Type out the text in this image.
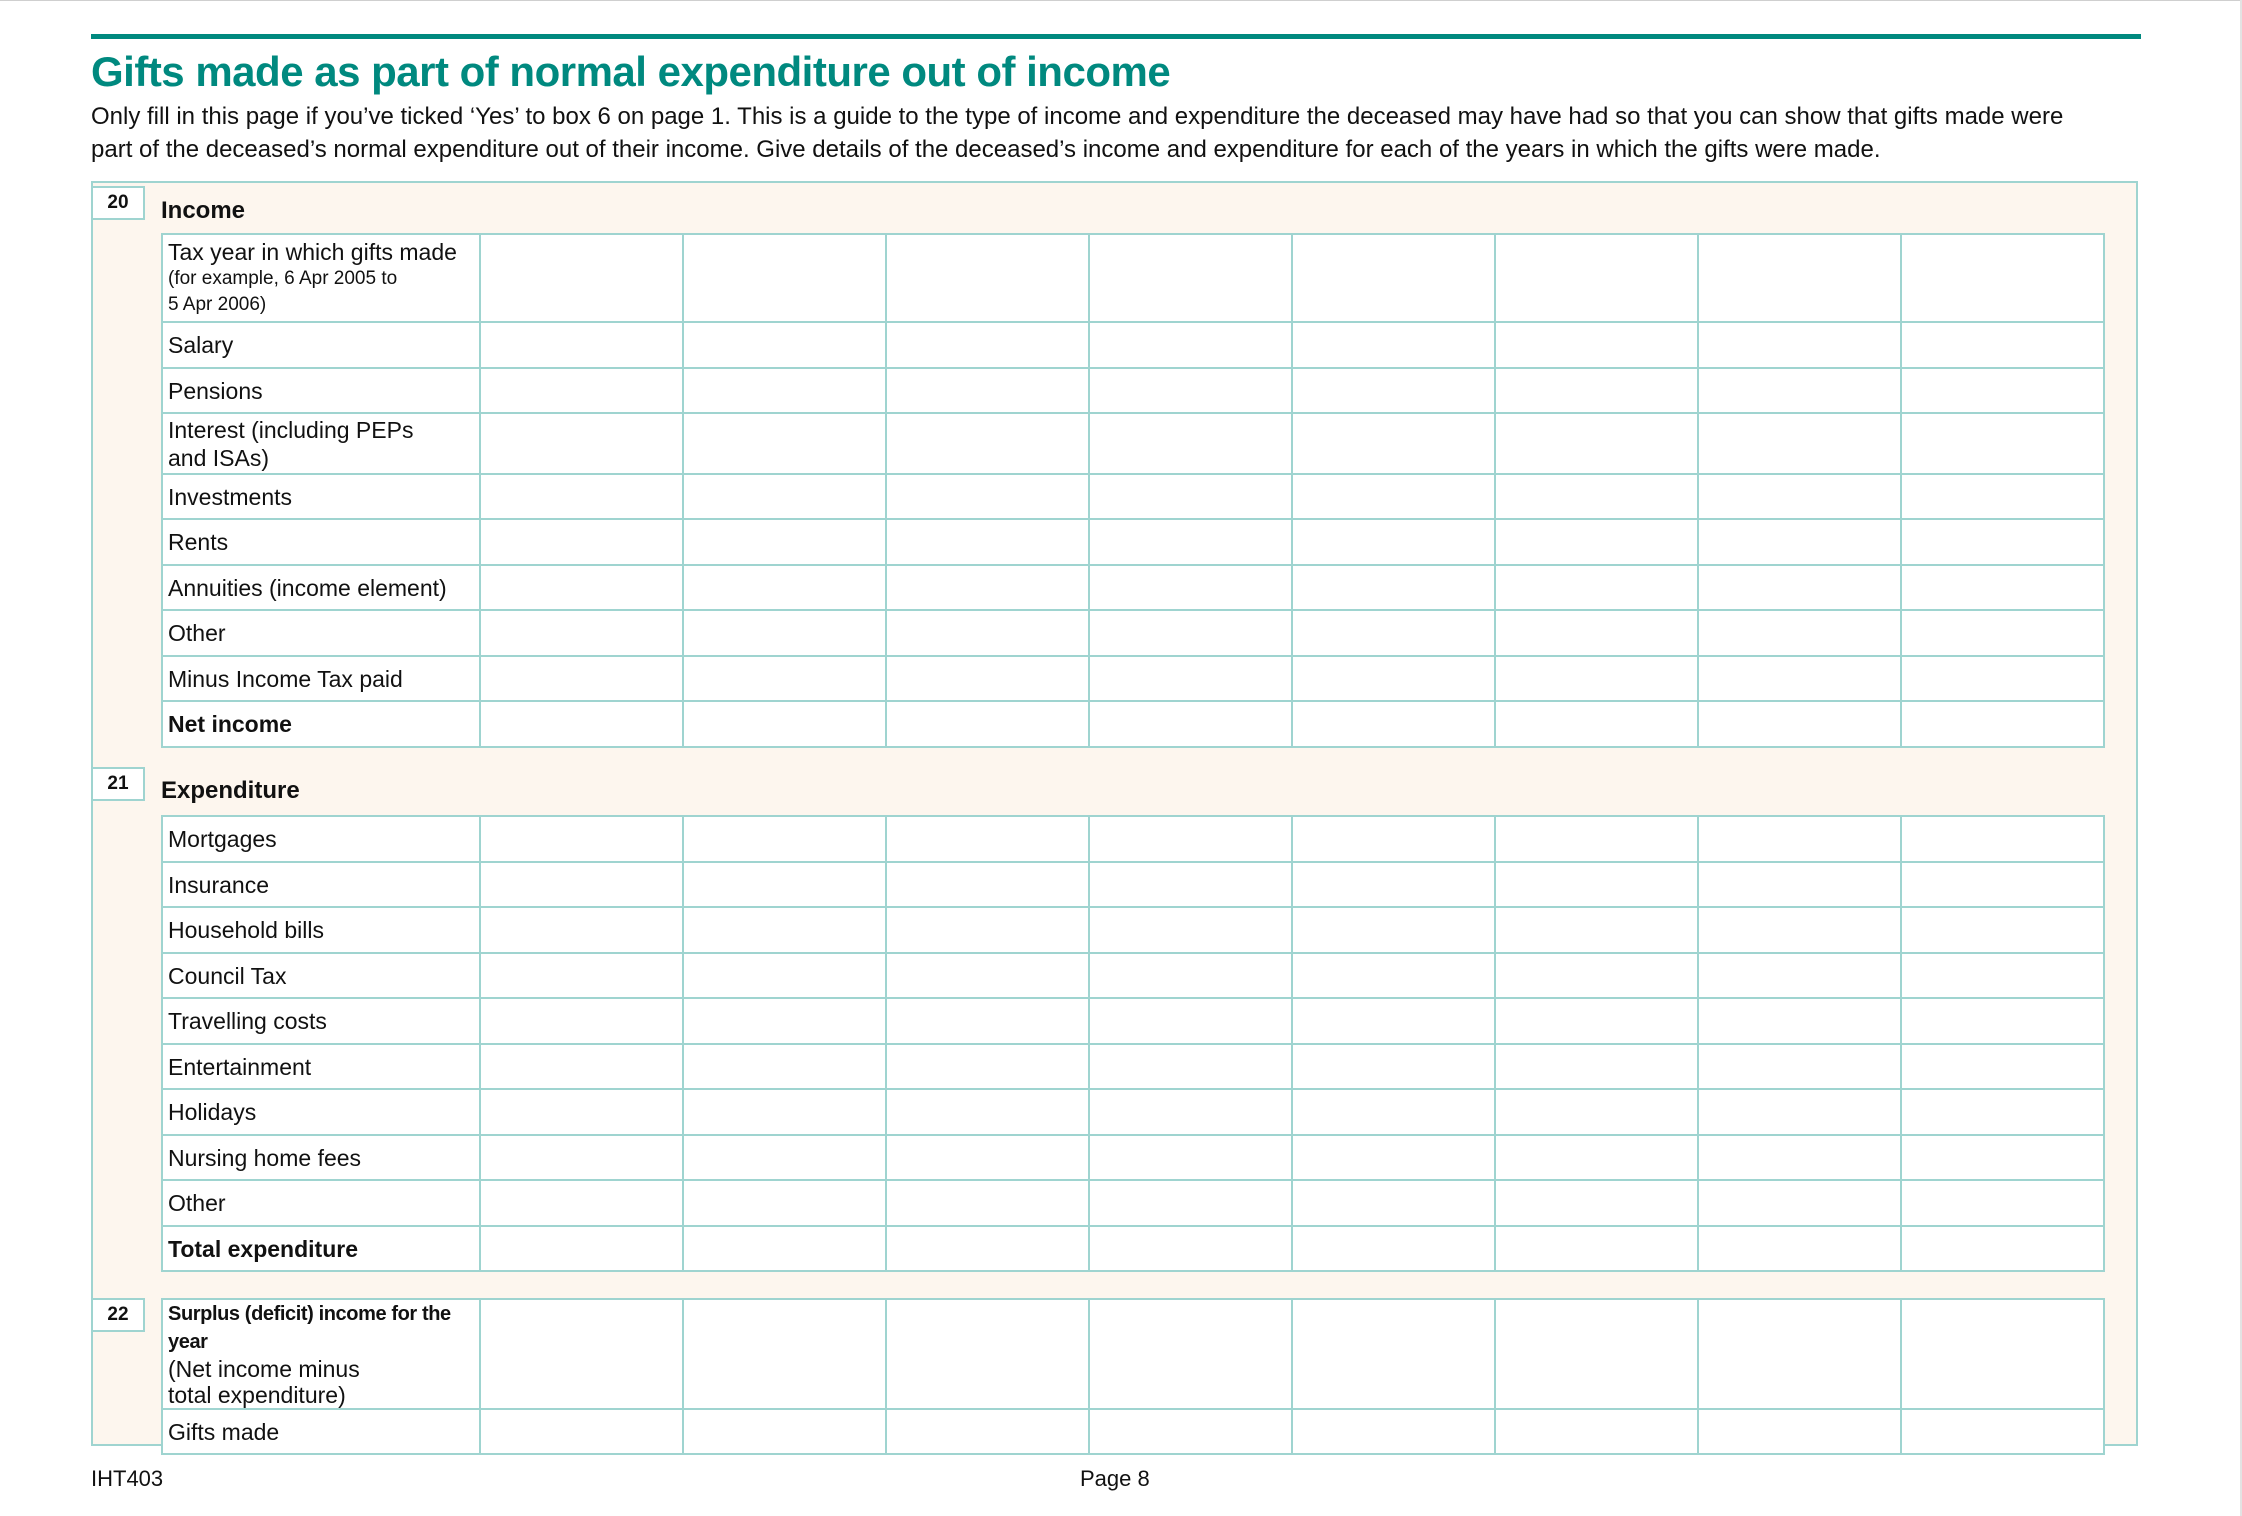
Gifts made as part of normal expenditure out of income

Only fill in this page if you’ve ticked ‘Yes’ to box 6 on page 1. This is a guide to the type of income and expenditure the deceased may have had so that you can show that gifts made were part of the deceased’s normal expenditure out of their income. Give details of the deceased’s income and expenditure for each of the years in which the gifts were made.

20	Income
Tax year in which gifts made
(for example, 6 Apr 2005 to
5 Apr 2006)								

Salary								
Pensions								

Interest (including PEPs
and ISAs)								

Investments								
Rents								
Annuities (income element)								
Other								
Minus Income Tax paid								
Net income								
21	Expenditure
Mortgages								
Insurance								
Household bills								
Council Tax								
Travelling costs								
Entertainment								
Holidays								
Nursing home fees								
Other								
Total expenditure								
22	Surplus (deficit) income for the year
(Net income minus
total expenditure)								

Gifts made								

IHT403	Page 8
